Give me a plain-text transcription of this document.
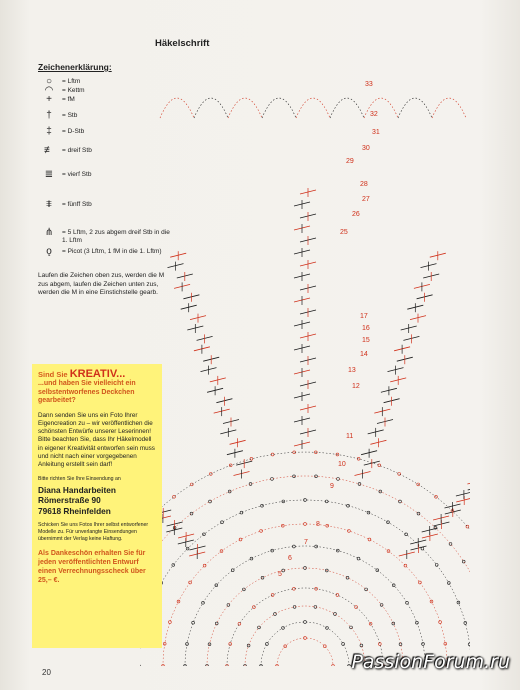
Häkelschrift
Zeichenerklärung:
○	= Lftm
◠	= Kettm
+	= fM
†	= Stb
‡	= D-Stb
≢	= dreif Stb
≣	= vierf Stb
⩨	= fünff Stb
⋔	= 5 Lftm, 2 zus abgem dreif Stb in die 1. Lftm
ǫ	= Picot (3 Lftm, 1 fM in die 1. Lftm)
Laufen die Zeichen oben zus, werden die M zus abgem, laufen die Zeichen unten zus, werden die M in eine Einstichstelle gearb.
33
32
31
30
29
28
27
26
25
17
16
15
14
13
12
11
10
9
8
7
6
5
Sind Sie KREATIV...
...und haben Sie vielleicht ein selbstentworfenes Deckchen gearbeitet?
Dann senden Sie uns ein Foto Ihrer Eigencreation zu – wir veröffentlichen die schönsten Entwürfe unserer Leserinnen! Bitte beachten Sie, dass Ihr Häkelmodell in eigener Kreativität entworfen sein muss und nicht nach einer vorgegebenen Anleitung erstellt sein darf!
Bitte richten Sie Ihre Einsendung an
Diana Handarbeiten
Römerstraße 90
79618 Rheinfelden
Schicken Sie uns Fotos Ihrer selbst entworfener Modelle zu. Für unverlangte Einsendungen übernimmt der Verlag keine Haftung.
Als Dankeschön erhalten Sie für jeden veröffentlichten Entwurf einen Verrechnungsscheck über 25,– €.
20	PassionForum.ru
